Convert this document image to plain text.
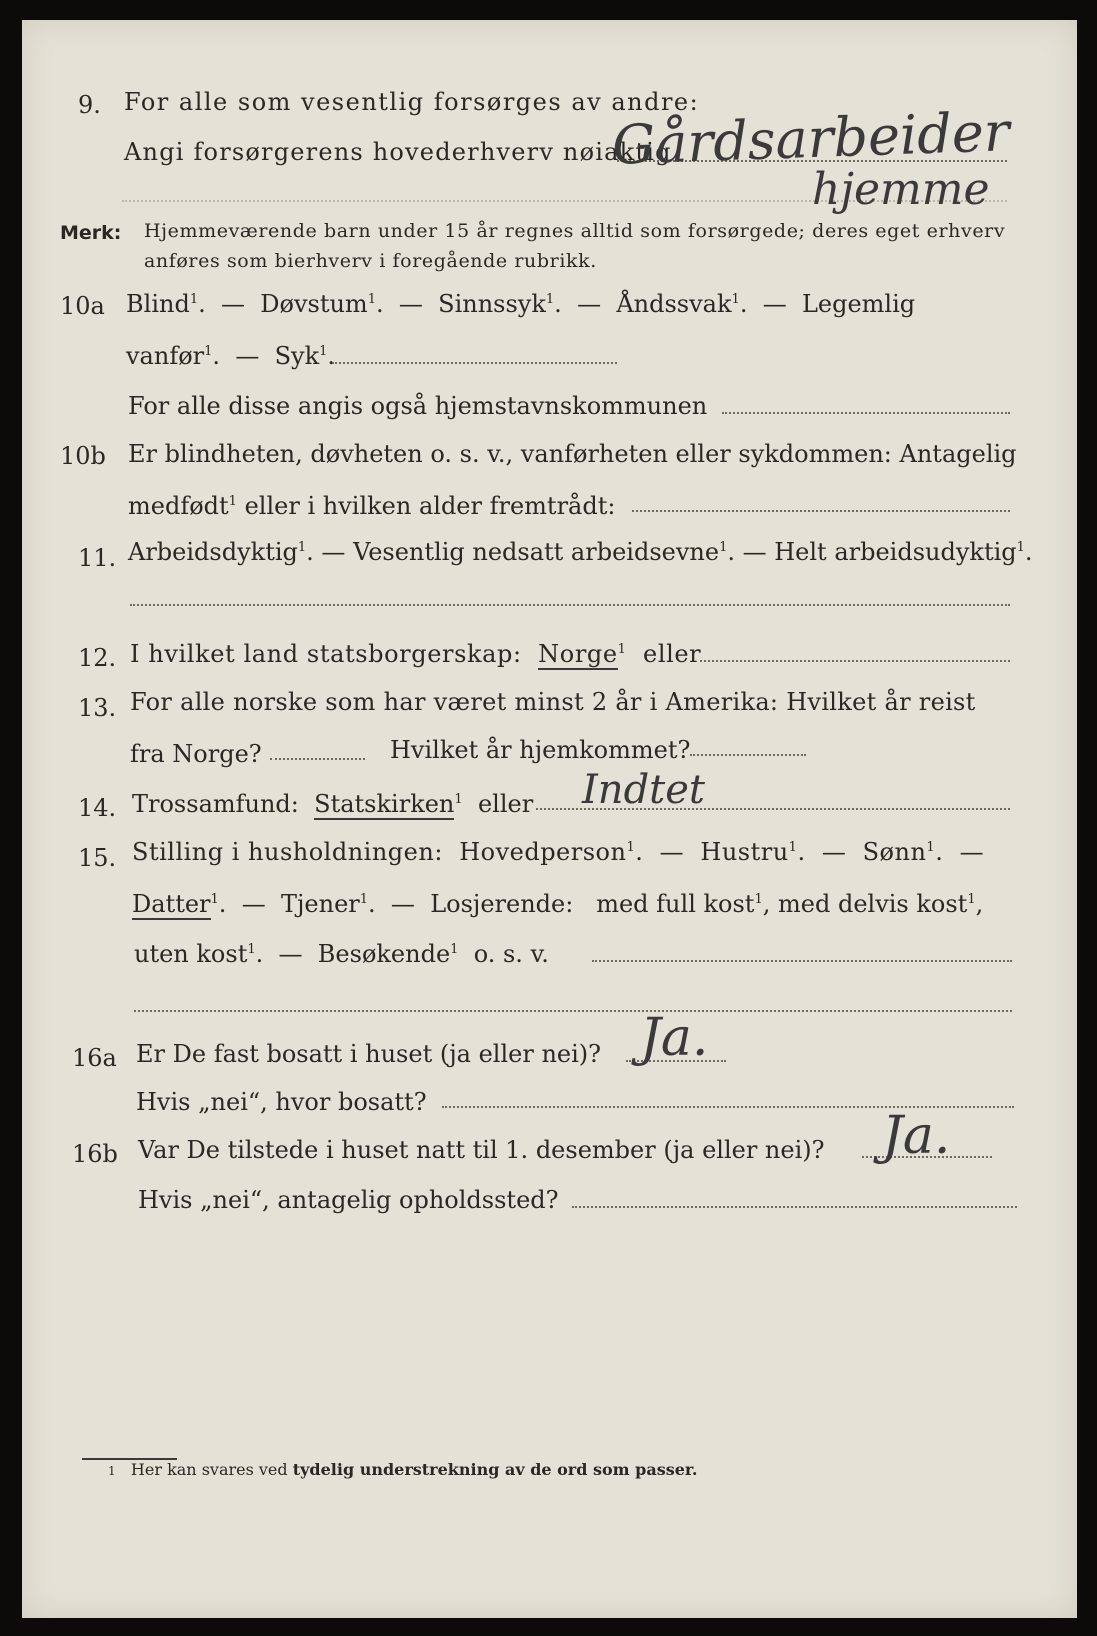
9. For alle som vesentlig forsørges av andre:
Angi forsørgerens hovederhverv nøiaktig
Gårdsarbeider
hjemme
Merk: Hjemmeværende barn under 15 år regnes alltid som forsørgede; deres eget erhverv
anføres som bierhverv i foregående rubrikk.
10a Blind$^1$.  — Døvstum$^1$.  — Sinnssyk$^1$.  — Åndssvak$^1$.  — Legemlig
vanfør$^1$.  — Syk$^1$.
For alle disse angis også hjemstavnskommunen
10b Er blindheten, døvheten o. s. v., vanførheten eller sykdommen: Antagelig
medfødt$^1$ eller i hvilken alder fremtrådt:
11. Arbeidsdyktig$^1$. — Vesentlig nedsatt arbeidsevne$^1$. — Helt arbeidsudyktig$^1$.
12. I hvilket land statsborgerskap: Norge$^1$ eller
13. For alle norske som har været minst 2 år i Amerika: Hvilket år reist
fra Norge?	Hvilket år hjemkommet?
14. Trossamfund: Statskirken$^1$ eller Indtet
15. Stilling i husholdningen: Hovedperson$^1$.  — Hustru$^1$.  — Sønn$^1$.  —
Datter$^1$.  — Tjener$^1$.  — Losjerende: med full kost$^1$, med delvis kost$^1$,
uten kost$^1$.  — Besøkende$^1$ o. s. v.
16a Er De fast bosatt i huset (ja eller nei)? Ja.
Hvis „nei“, hvor bosatt?
16b Var De tilstede i huset natt til 1. desember (ja eller nei)? Ja.
Hvis „nei“, antagelig opholdssted?
1 Her kan svares ved tydelig understrekning av de ord som passer.
